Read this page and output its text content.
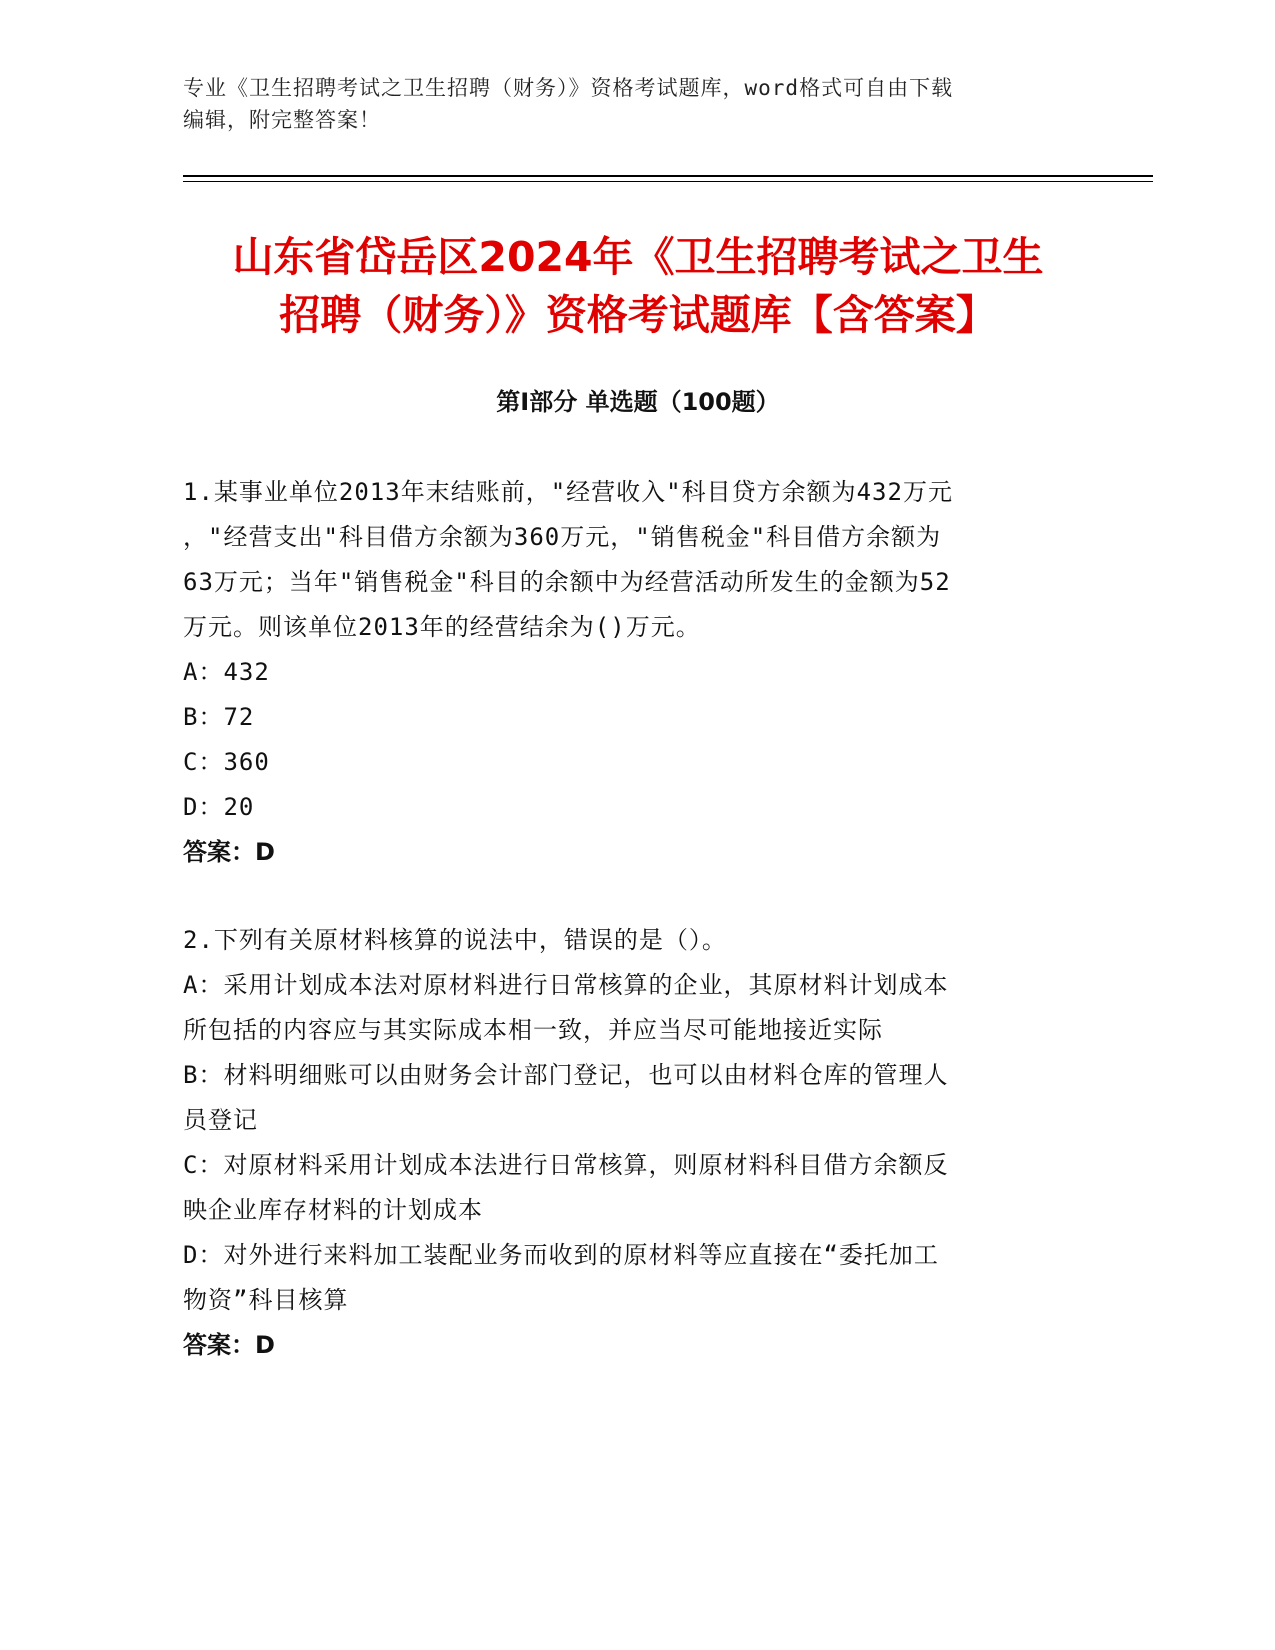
专业《卫生招聘考试之卫生招聘（财务）》资格考试题库，word格式可自由下载
编辑，附完整答案！
山东省岱岳区2024年《卫生招聘考试之卫生
招聘（财务）》资格考试题库【含答案】
第Ⅰ部分 单选题（100题）
1.某事业单位2013年末结账前，"经营收入"科目贷方余额为432万元
，"经营支出"科目借方余额为360万元，"销售税金"科目借方余额为
63万元；当年"销售税金"科目的余额中为经营活动所发生的金额为52
万元。则该单位2013年的经营结余为()万元。
A：432
B：72
C：360
D：20
答案：D
2.下列有关原材料核算的说法中，错误的是（）。
A：采用计划成本法对原材料进行日常核算的企业，其原材料计划成本
所包括的内容应与其实际成本相一致，并应当尽可能地接近实际
B：材料明细账可以由财务会计部门登记，也可以由材料仓库的管理人
员登记
C：对原材料采用计划成本法进行日常核算，则原材料科目借方余额反
映企业库存材料的计划成本
D：对外进行来料加工装配业务而收到的原材料等应直接在“委托加工
物资”科目核算
答案：D
